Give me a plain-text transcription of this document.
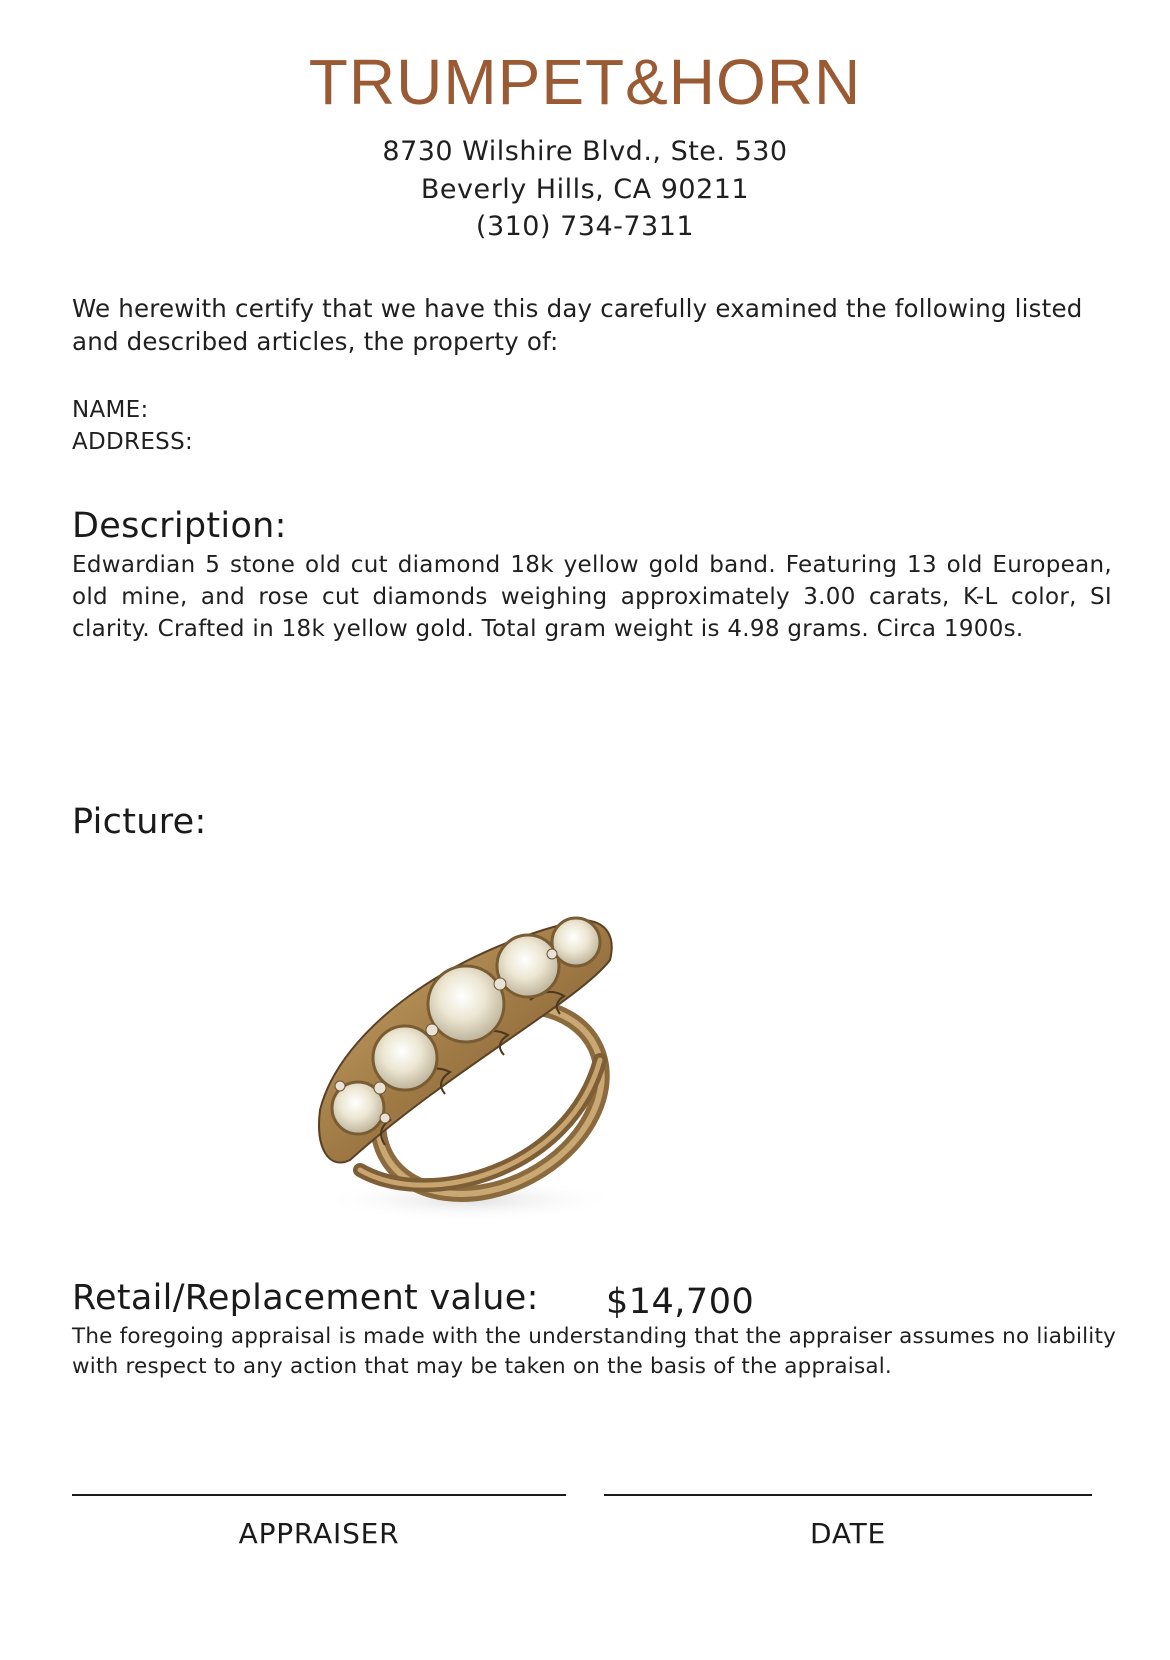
TRUMPET&HORN
8730 Wilshire Blvd., Ste. 530
Beverly Hills, CA 90211
(310) 734-7311
We herewith certify that we have this day carefully examined the following listed and described articles, the property of:
NAME:
ADDRESS:
Description:
Edwardian 5 stone old cut diamond 18k yellow gold band. Featuring 13 old European, old mine, and rose cut diamonds weighing approximately 3.00 carats, K-L color, SI clarity. Crafted in 18k yellow gold. Total gram weight is 4.98 grams. Circa 1900s.
Picture:
Retail/Replacement value: $14,700
The foregoing appraisal is made with the understanding that the appraiser assumes no liability with respect to any action that may be taken on the basis of the appraisal.
APPRAISER	DATE
